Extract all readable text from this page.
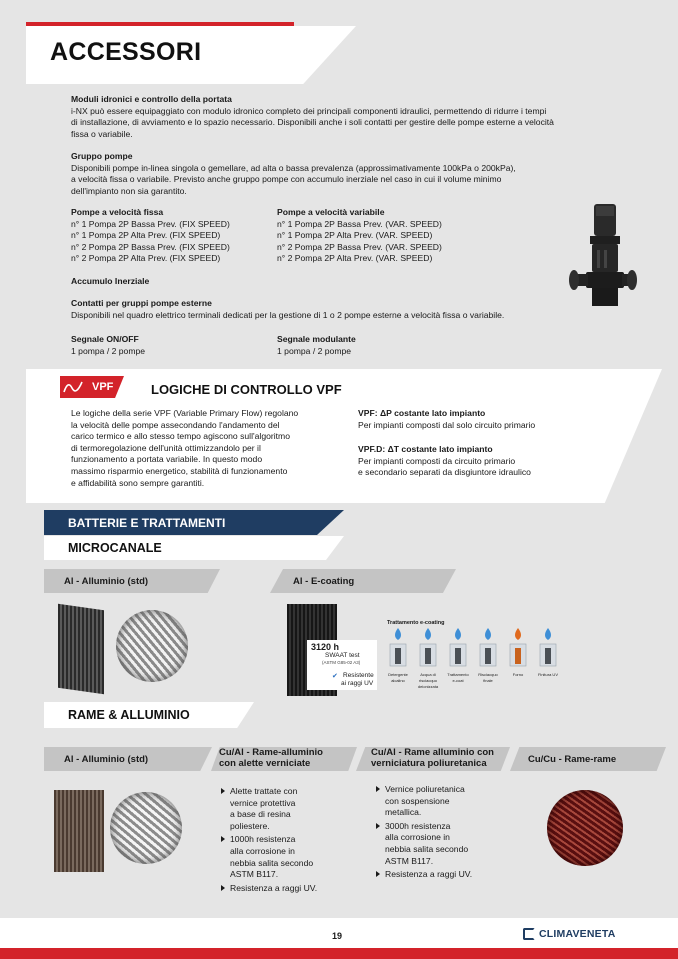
ACCESSORI
Moduli idronici e controllo della portata
i-NX può essere equipaggiato con modulo idronico completo dei principali componenti idraulici, permettendo di ridurre i tempi
di installazione, di avviamento e lo spazio necessario. Disponibili anche i soli contatti per gestire delle pompe esterne a velocità
fissa o variabile.
Gruppo pompe
Disponibili pompe in-linea singola o gemellare, ad alta o bassa prevalenza (approssimativamente 100kPa o 200kPa),
a velocità fissa o variabile. Previsto anche gruppo pompe con accumulo inerziale nel caso in cui il volume minimo
dell'impianto non sia garantito.
Pompe a velocità fissa
n° 1 Pompa 2P Bassa Prev. (FIX SPEED)
n° 1 Pompa 2P Alta Prev. (FIX SPEED)
n° 2 Pompa 2P Bassa Prev. (FIX SPEED)
n° 2 Pompa 2P Alta Prev. (FIX SPEED)
Pompe a velocità variabile
n° 1 Pompa 2P Bassa Prev. (VAR. SPEED)
n° 1 Pompa 2P Alta Prev. (VAR. SPEED)
n° 2 Pompa 2P Bassa Prev. (VAR. SPEED)
n° 2 Pompa 2P Alta Prev. (VAR. SPEED)
Accumulo Inerziale
Contatti per gruppi pompe esterne
Disponibili nel quadro elettrico terminali dedicati per la gestione di 1 o 2 pompe esterne a velocità fissa o variabile.
Segnale ON/OFF
1 pompa / 2 pompe
Segnale modulante
1 pompa / 2 pompe
VPF	LOGICHE DI CONTROLLO VPF
Le logiche della serie VPF (Variable Primary Flow) regolano
la velocità delle pompe assecondando l'andamento del
carico termico e allo stesso tempo agiscono sull'algoritmo
di termoregolazione dell'unità ottimizzandolo per il
funzionamento a portata variabile. In questo modo
massimo risparmio energetico, stabilità di funzionamento
e affidabilità sono sempre garantiti.
VPF: ΔP costante lato impianto
Per impianti composti dal solo circuito primario
VPF.D: ΔT costante lato impianto
Per impianti composti da circuito primario
e secondario separati da disgiuntore idraulico
BATTERIE E TRATTAMENTI
MICROCANALE
Al - Alluminio (std)	Al - E-coating
3120 h
SWAAT test
(ASTM G85-02 A3)
✔ Resistente
ai raggi UV
Trattamento e-coating
Detergente
alcalino
Acqua di
risciacquo
deionizzata
Trattamento
e-coat
Risciacquo
finale
Forno	Finitura UV
RAME & ALLUMINIO
Al - Alluminio (std)
Cu/Al - Rame-alluminio
con alette verniciate
Cu/Al - Rame alluminio con
verniciatura poliuretanica	Cu/Cu - Rame-rame
Alette trattate con
vernice protettiva
a base di resina
poliestere.
1000h resistenza
alla corrosione in
nebbia salita secondo
ASTM B117.
Resistenza a raggi UV.
Vernice poliuretanica
con sospensione
metallica.
3000h resistenza
alla corrosione in
nebbia salita secondo
ASTM B117.
Resistenza a raggi UV.
19	CLIMAVENETA
